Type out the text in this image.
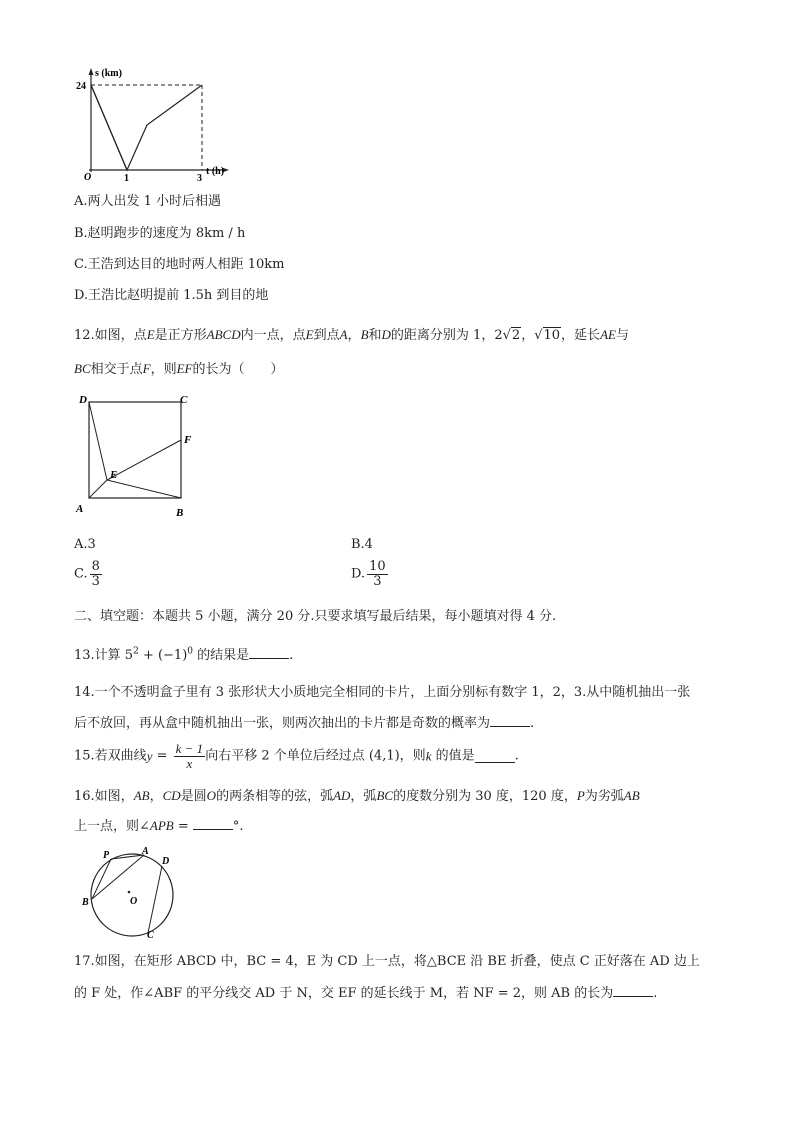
s (km)
24
O	1	3
t (h)
A.两人出发 1 小时后相遇
B.赵明跑步的速度为 8km / h
C.王浩到达目的地时两人相距 10km
D.王浩比赵明提前 1.5h 到目的地
12.如图，点E是正方形ABCD内一点，点E到点A，B和D的距离分别为 1，2√2，√10，延长AE与
BC相交于点F，则EF的长为（　　）
D	C
F
E
A	B
A.3	B.4
C. $\frac{8}{3}$	D. $\frac{10}{3}$
二、填空题：本题共 5 小题，满分 20 分.只要求填写最后结果，每小题填对得 4 分.
13.计算 $5^2 + (-1)^0$ 的结果是	.
14.一个不透明盒子里有 3 张形状大小质地完全相同的卡片，上面分别标有数字 1，2，3.从中随机抽出一张
后不放回，再从盒中随机抽出一张，则两次抽出的卡片都是奇数的概率为	.
15.若双曲线$y = \frac{k - 1}{x}$ 向右平移 2 个单位后经过点 (4,1)，则k 的值是	.
16.如图，AB，CD是圆O的两条相等的弦，弧AD，弧BC的度数分别为 30 度，120 度，P为劣弧AB
上一点，则∠APB =	°.
P	A
D
B	O
C
17.如图，在矩形 ABCD 中，BC = 4，E 为 CD 上一点，将△BCE 沿 BE 折叠，使点 C 正好落在 AD 边上
的 F 处，作∠ABF 的平分线交 AD 于 N，交 EF 的延长线于 M，若 NF = 2，则 AB 的长为	.
